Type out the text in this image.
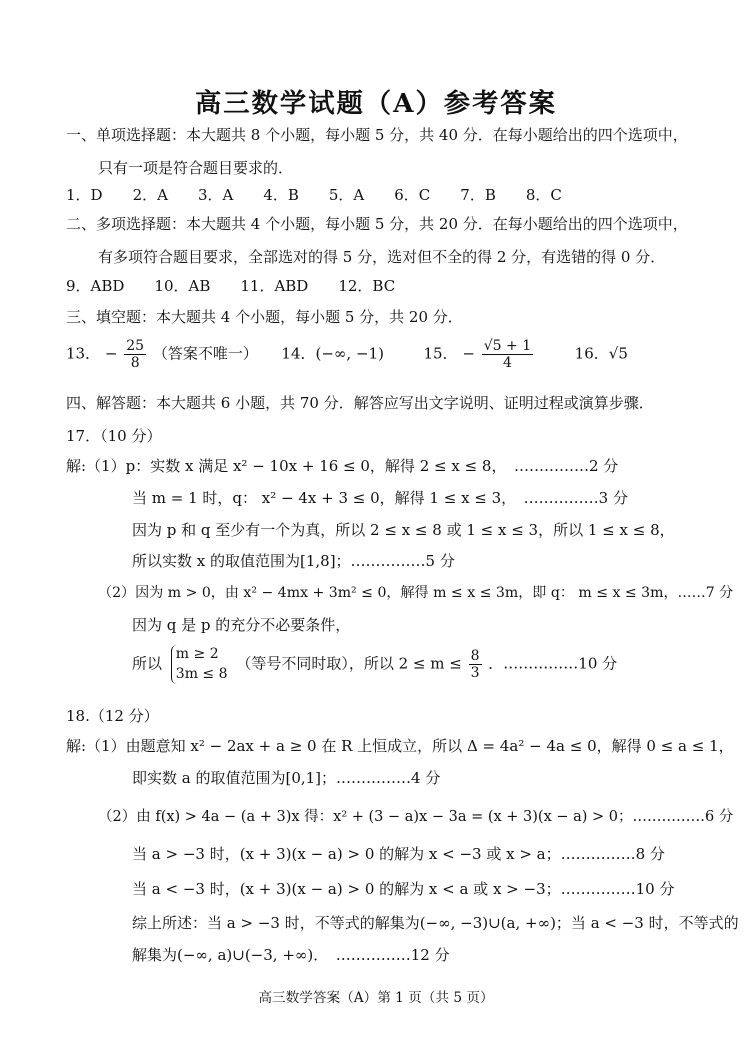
高三数学试题（A）参考答案
一、单项选择题：本大题共 8 个小题，每小题 5 分，共 40 分．在每小题给出的四个选项中，
只有一项是符合题目要求的．
1．D　　2．A　　3．A　　4．B　　5．A　　6．C　　7．B　　8．C
二、多项选择题：本大题共 4 个小题，每小题 5 分，共 20 分．在每小题给出的四个选项中，
有多项符合题目要求，全部选对的得 5 分，选对但不全的得 2 分，有选错的得 0 分．
9．ABD　　10．AB　　11．ABD　　12．BC
三、填空题：本大题共 4 个小题，每小题 5 分，共 20 分．
13． − $\frac{25}{8}$ （答案不唯一） 14．(−∞, −1)	15． − $\frac{√5 + 1}{4}$	16．√5
四、解答题：本大题共 6 小题，共 70 分．解答应写出文字说明、证明过程或演算步骤．
17．（10 分）
解:（1）p：实数 x 满足 x² − 10x + 16 ≤ 0，解得 2 ≤ x ≤ 8，　……………2 分
当 m = 1 时，q： x² − 4x + 3 ≤ 0，解得 1 ≤ x ≤ 3，　……………3 分
因为 p 和 q 至少有一个为真，所以 2 ≤ x ≤ 8 或 1 ≤ x ≤ 3，所以 1 ≤ x ≤ 8，
所以实数 x 的取值范围为[1,8]；……………5 分
（2）因为 m > 0，由 x² − 4mx + 3m² ≤ 0，解得 m ≤ x ≤ 3m，即 q： m ≤ x ≤ 3m，……7 分
因为 q 是 p 的充分不必要条件，
所以
m ≥ 2
3m ≤ 8
（等号不同时取），所以 $2 \le m \le \frac{8}{3}$ ．……………10 分
18.（12 分）
解:（1）由题意知 x² − 2ax + a ≥ 0 在 R 上恒成立，所以 Δ = 4a² − 4a ≤ 0，解得 0 ≤ a ≤ 1，
即实数 a 的取值范围为[0,1]；……………4 分
（2）由 f(x) > 4a − (a + 3)x 得：x² + (3 − a)x − 3a = (x + 3)(x − a) > 0；……………6 分
当 a > −3 时，(x + 3)(x − a) > 0 的解为 x < −3 或 x > a；……………8 分
当 a < −3 时，(x + 3)(x − a) > 0 的解为 x < a 或 x > −3；……………10 分
综上所述：当 a > −3 时，不等式的解集为(−∞, −3)∪(a, +∞)；当 a < −3 时，不等式的
解集为(−∞, a)∪(−3, +∞)．　……………12 分
高三数学答案（A）第 1 页（共 5 页）
